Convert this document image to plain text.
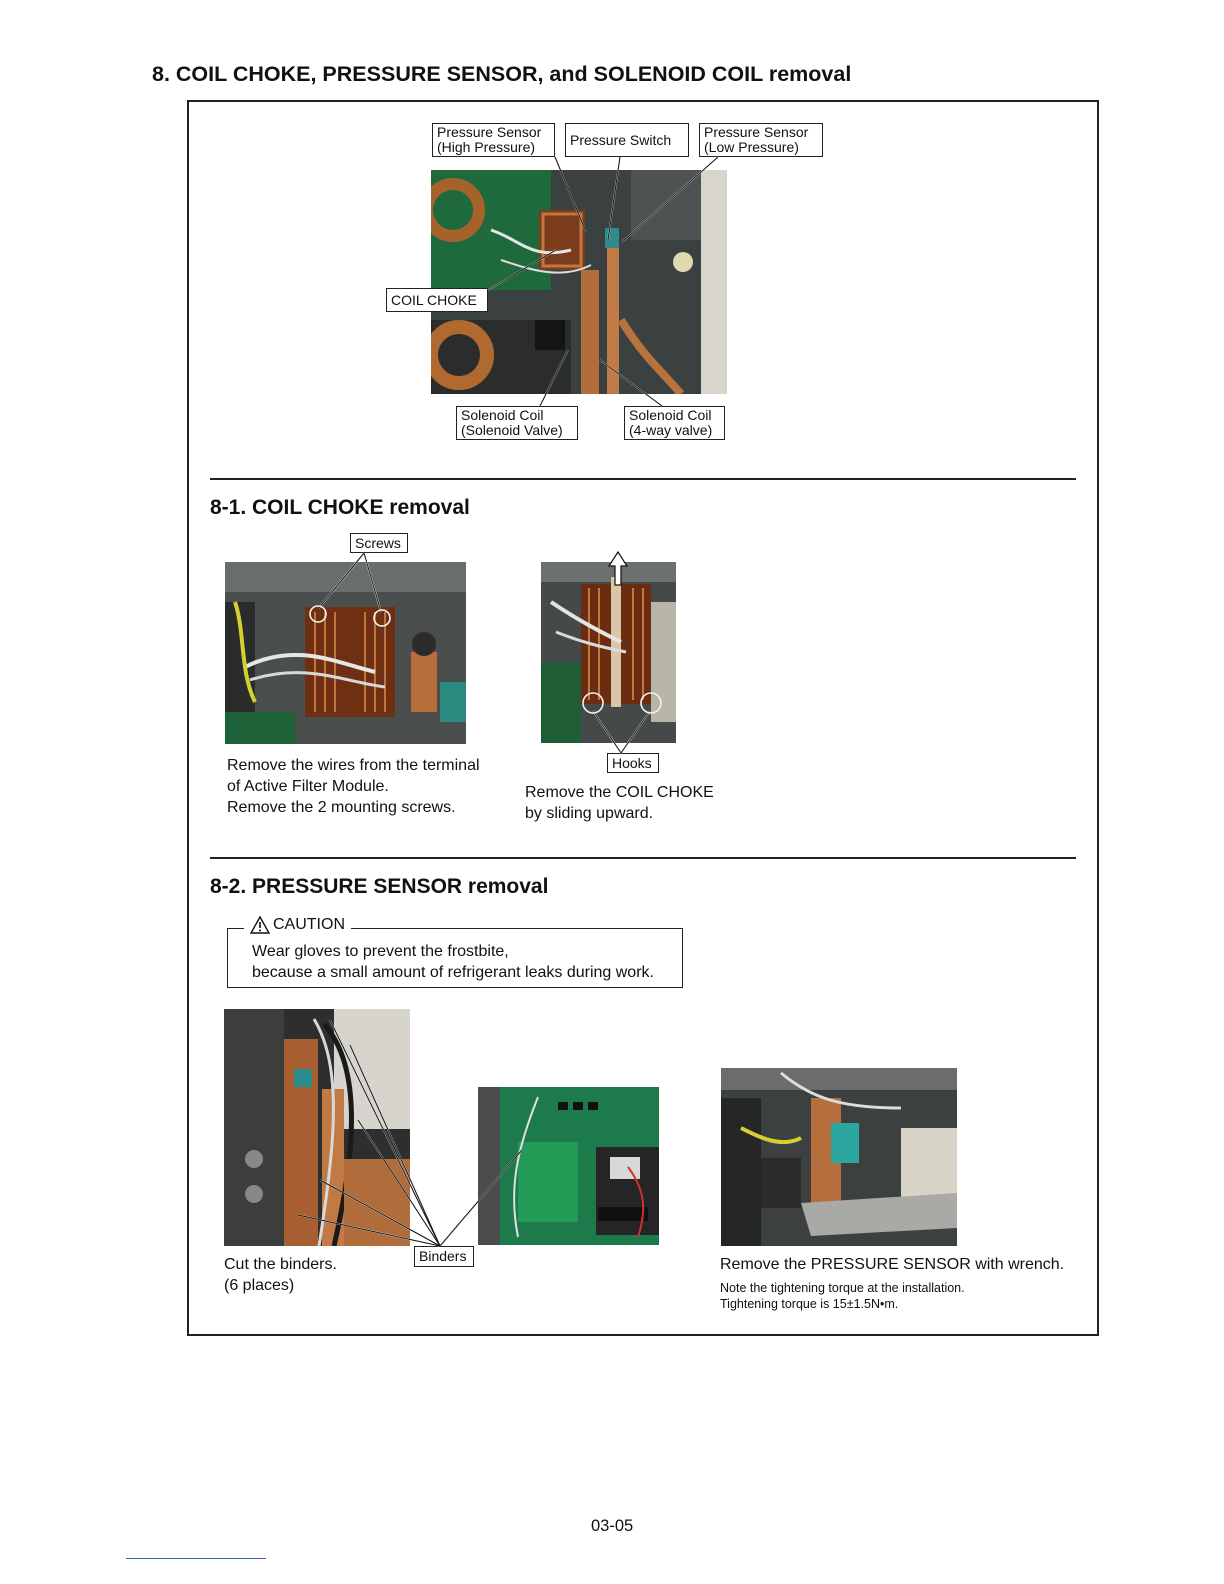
8. COIL CHOKE, PRESSURE SENSOR, and SOLENOID COIL removal
Pressure Sensor
(High Pressure)	Pressure Switch Pressure Sensor
(Low Pressure)
COIL CHOKE
Solenoid Coil
(Solenoid Valve)
Solenoid Coil
(4-way valve)
8-1. COIL CHOKE removal
Screws
Hooks
Remove the wires from the terminal
of Active Filter Module.
Remove the 2 mounting screws.
Remove the COIL CHOKE
by sliding upward.
8-2. PRESSURE SENSOR removal
CAUTION
Wear gloves to prevent the frostbite,
because a small amount of refrigerant leaks during work.
Binders
Cut the binders.
(6 places)
Remove the PRESSURE SENSOR with wrench.
Note the tightening torque at the installation.
Tightening torque is 15±1.5N•m.
03-05
